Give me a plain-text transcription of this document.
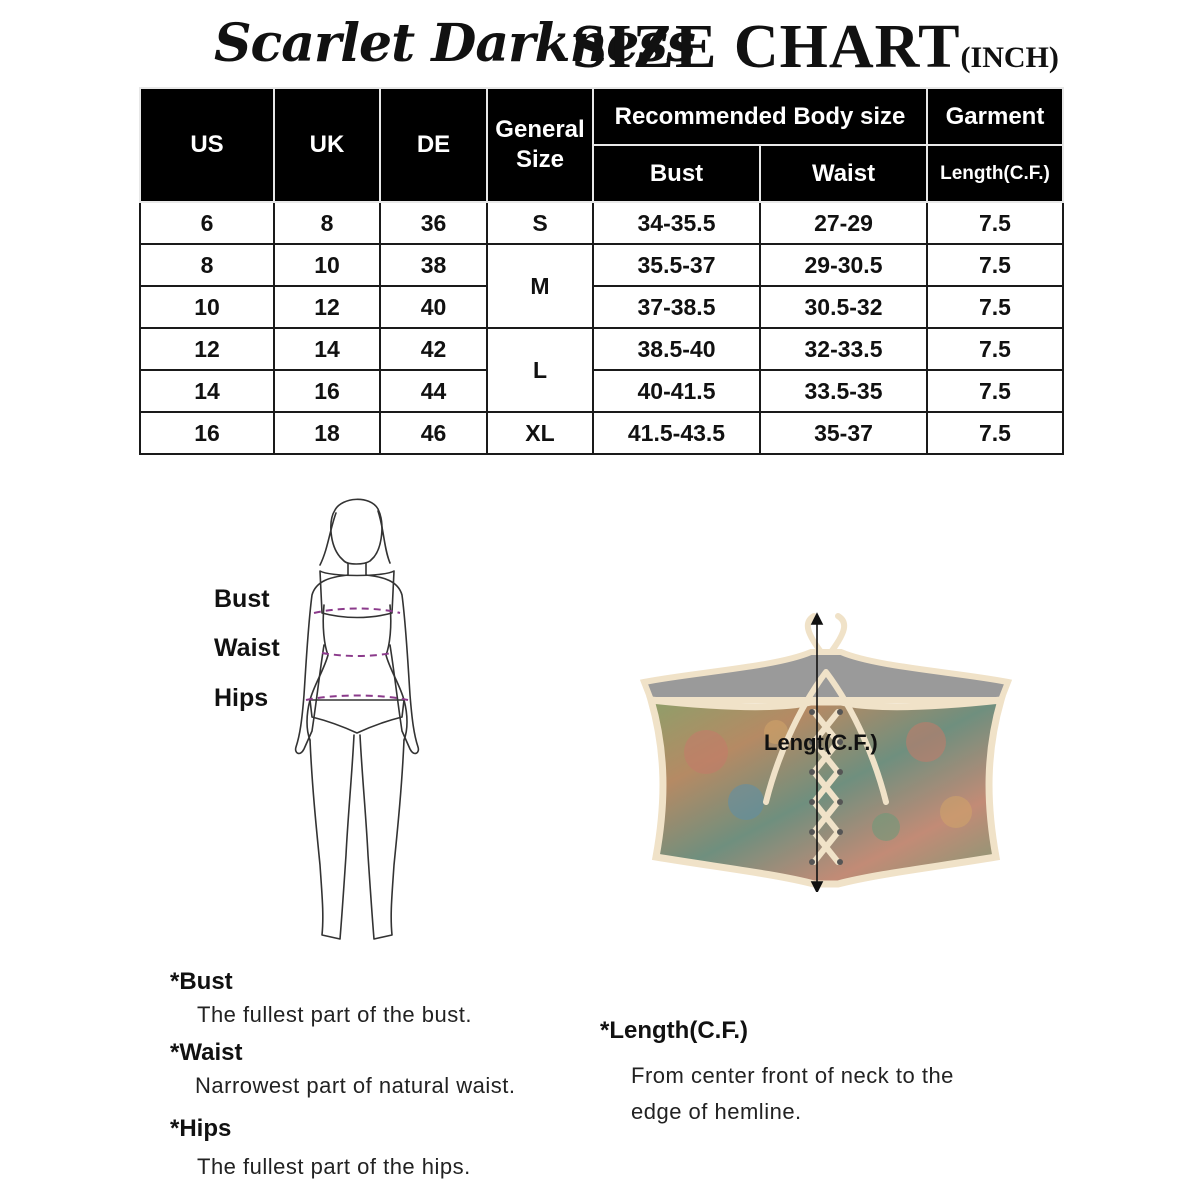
Scarlet Darkness
SIZE CHART(INCH)
US	UK	DE	General Size	Recommended Body size		Garment
				Bust	Waist	Length(C.F.)
6	8	36	S	34-35.5	27-29	7.5
8	10	38	M	35.5-37	29-30.5	7.5
10	12	40		37-38.5	30.5-32	7.5
12	14	42	L	38.5-40	32-33.5	7.5
14	16	44		40-41.5	33.5-35	7.5
16	18	46	XL	41.5-43.5	35-37	7.5
Bust
Waist
Hips
Lengt(C.F.)
*Bust
The fullest part of the bust.
*Waist
Narrowest part of natural waist.
*Hips
The fullest part of the hips.
*Length(C.F.)
From center front of neck to the
edge of hemline.
